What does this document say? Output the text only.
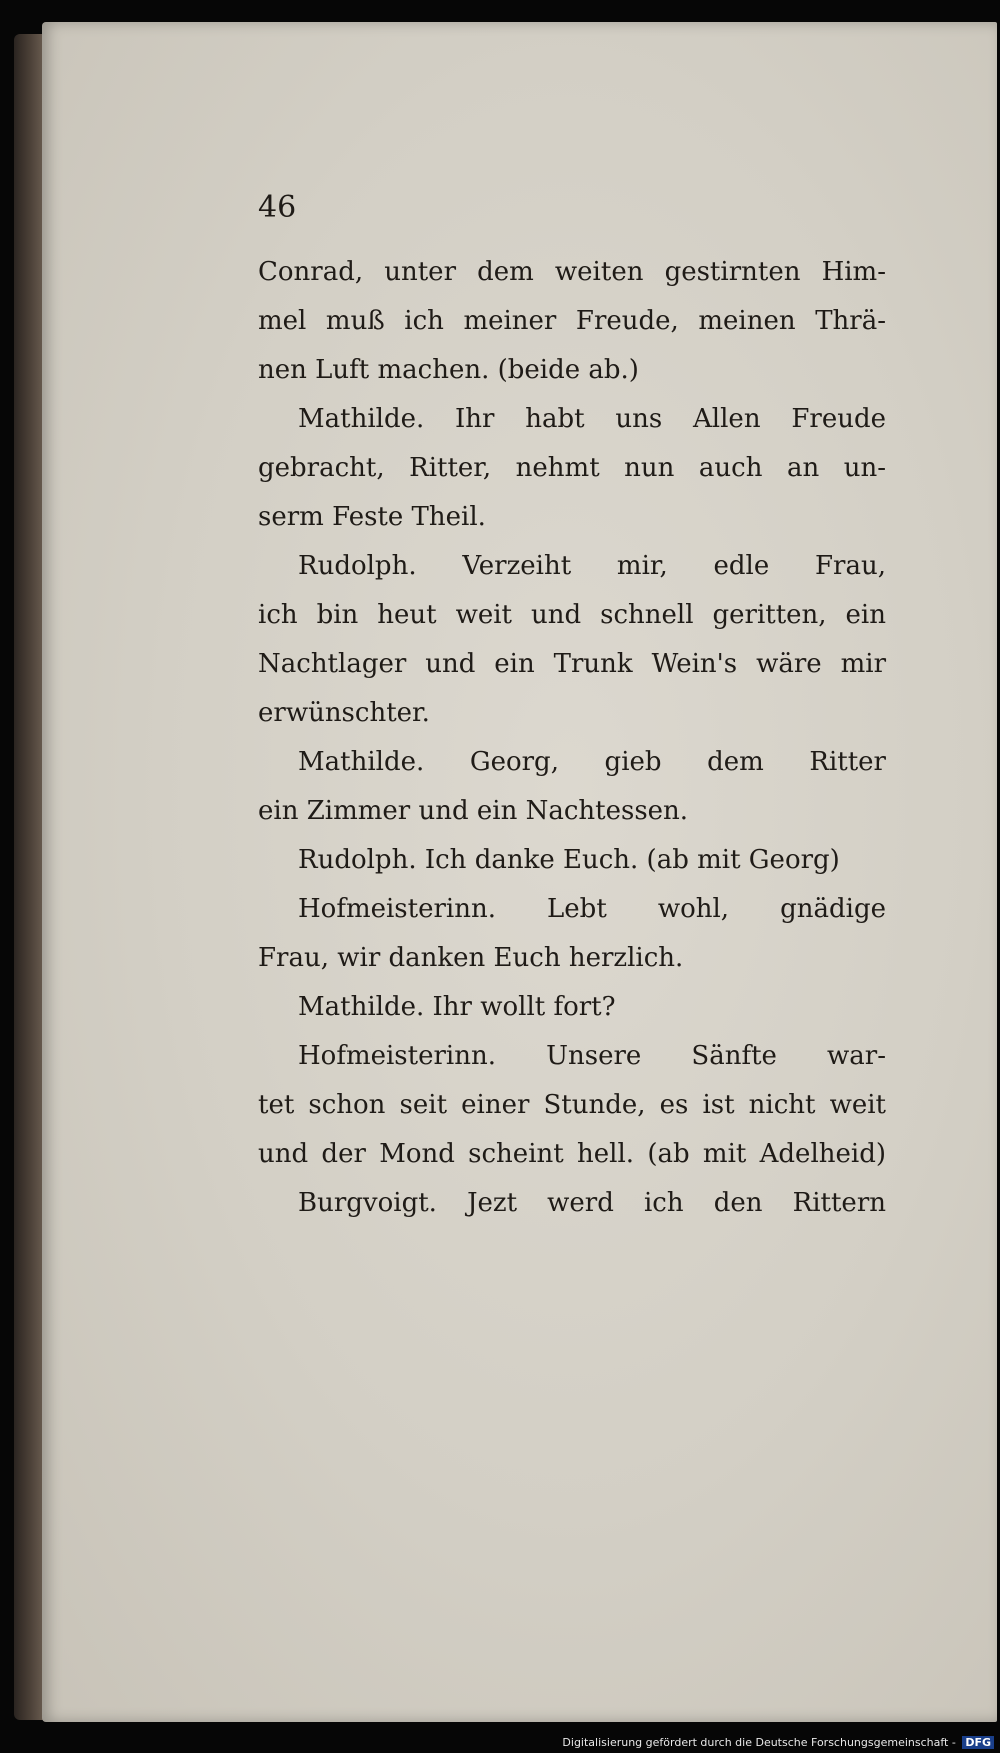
46

Conrad, unter dem weiten gestirnten Him-
mel muß ich meiner Freude, meinen Thrä-
nen Luft machen. (beide ab.)
Mathilde. Ihr habt uns Allen Freude
gebracht, Ritter, nehmt nun auch an un-
serm Feste Theil.
Rudolph. Verzeiht mir, edle Frau,
ich bin heut weit und schnell geritten, ein
Nachtlager und ein Trunk Wein's wäre mir
erwünschter.
Mathilde. Georg, gieb dem Ritter
ein Zimmer und ein Nachtessen.
Rudolph. Ich danke Euch. (ab mit Georg)
Hofmeisterinn. Lebt wohl, gnädige
Frau, wir danken Euch herzlich.
Mathilde. Ihr wollt fort?
Hofmeisterinn. Unsere Sänfte war-
tet schon seit einer Stunde, es ist nicht weit
und der Mond scheint hell. (ab mit Adelheid)
Burgvoigt. Jezt werd ich den Rittern
Digitalisierung gefördert durch die Deutsche Forschungsgemeinschaft - DFG
